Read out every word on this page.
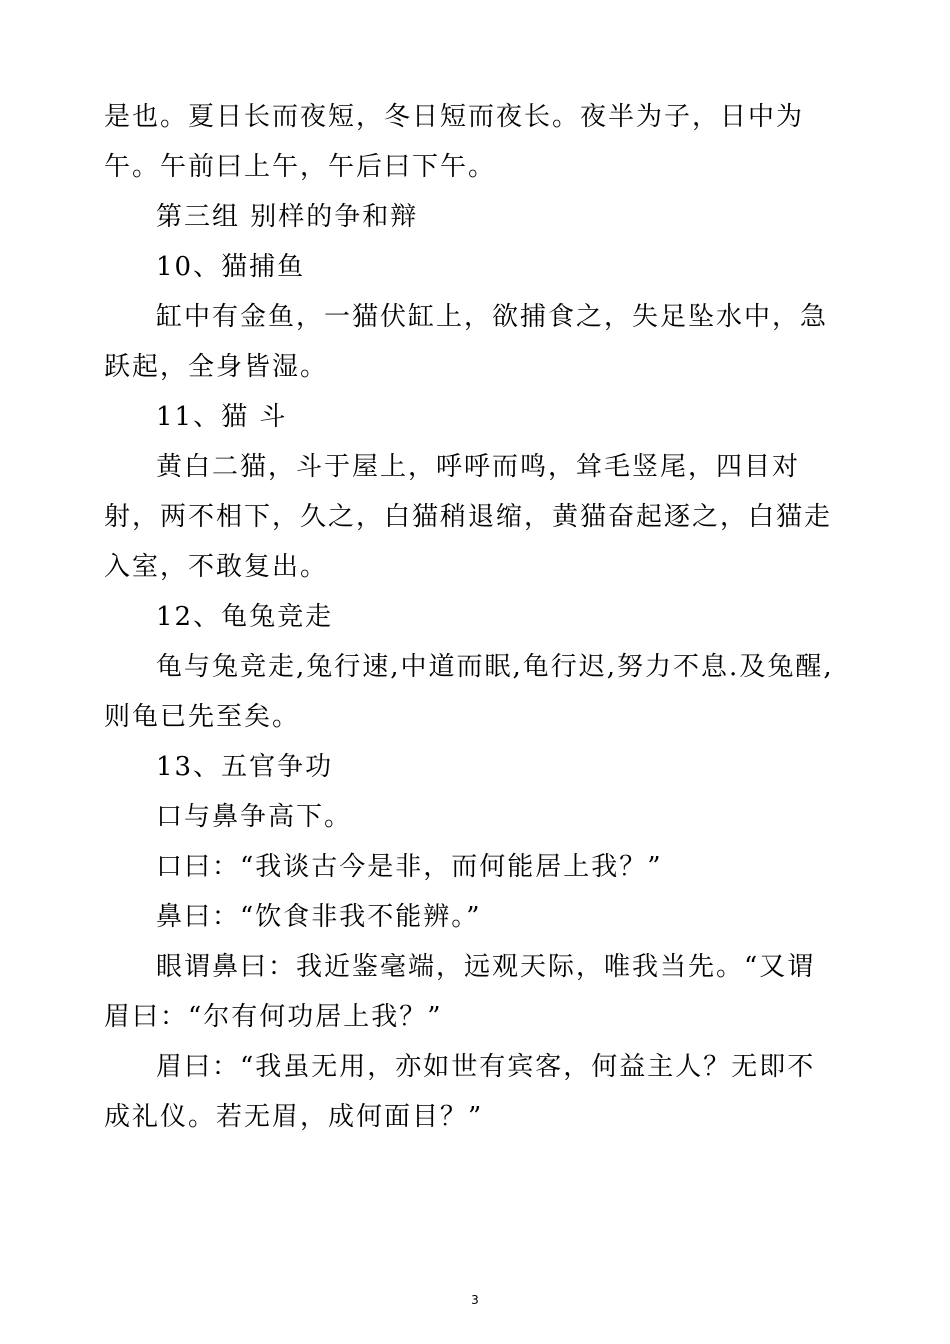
是也。夏日长而夜短，冬日短而夜长。夜半为子，日中为午。午前曰上午，午后曰下午。

第三组 别样的争和辩

10、猫捕鱼

缸中有金鱼，一猫伏缸上，欲捕食之，失足坠水中，急跃起，全身皆湿。

11、猫 斗

黄白二猫，斗于屋上，呼呼而鸣，耸毛竖尾，四目对射，两不相下，久之，白猫稍退缩，黄猫奋起逐之，白猫走入室，不敢复出。

12、龟兔竞走

龟与兔竞走,兔行速,中道而眠,龟行迟,努力不息.及兔醒,则龟已先至矣。

13、五官争功

口与鼻争高下。

口曰：“我谈古今是非，而何能居上我？”

鼻曰：“饮食非我不能辨。”

眼谓鼻曰：我近鉴毫端，远观天际，唯我当先。“又谓眉曰：“尔有何功居上我？”

眉曰：“我虽无用，亦如世有宾客，何益主人？无即不成礼仪。若无眉，成何面目？”

3
